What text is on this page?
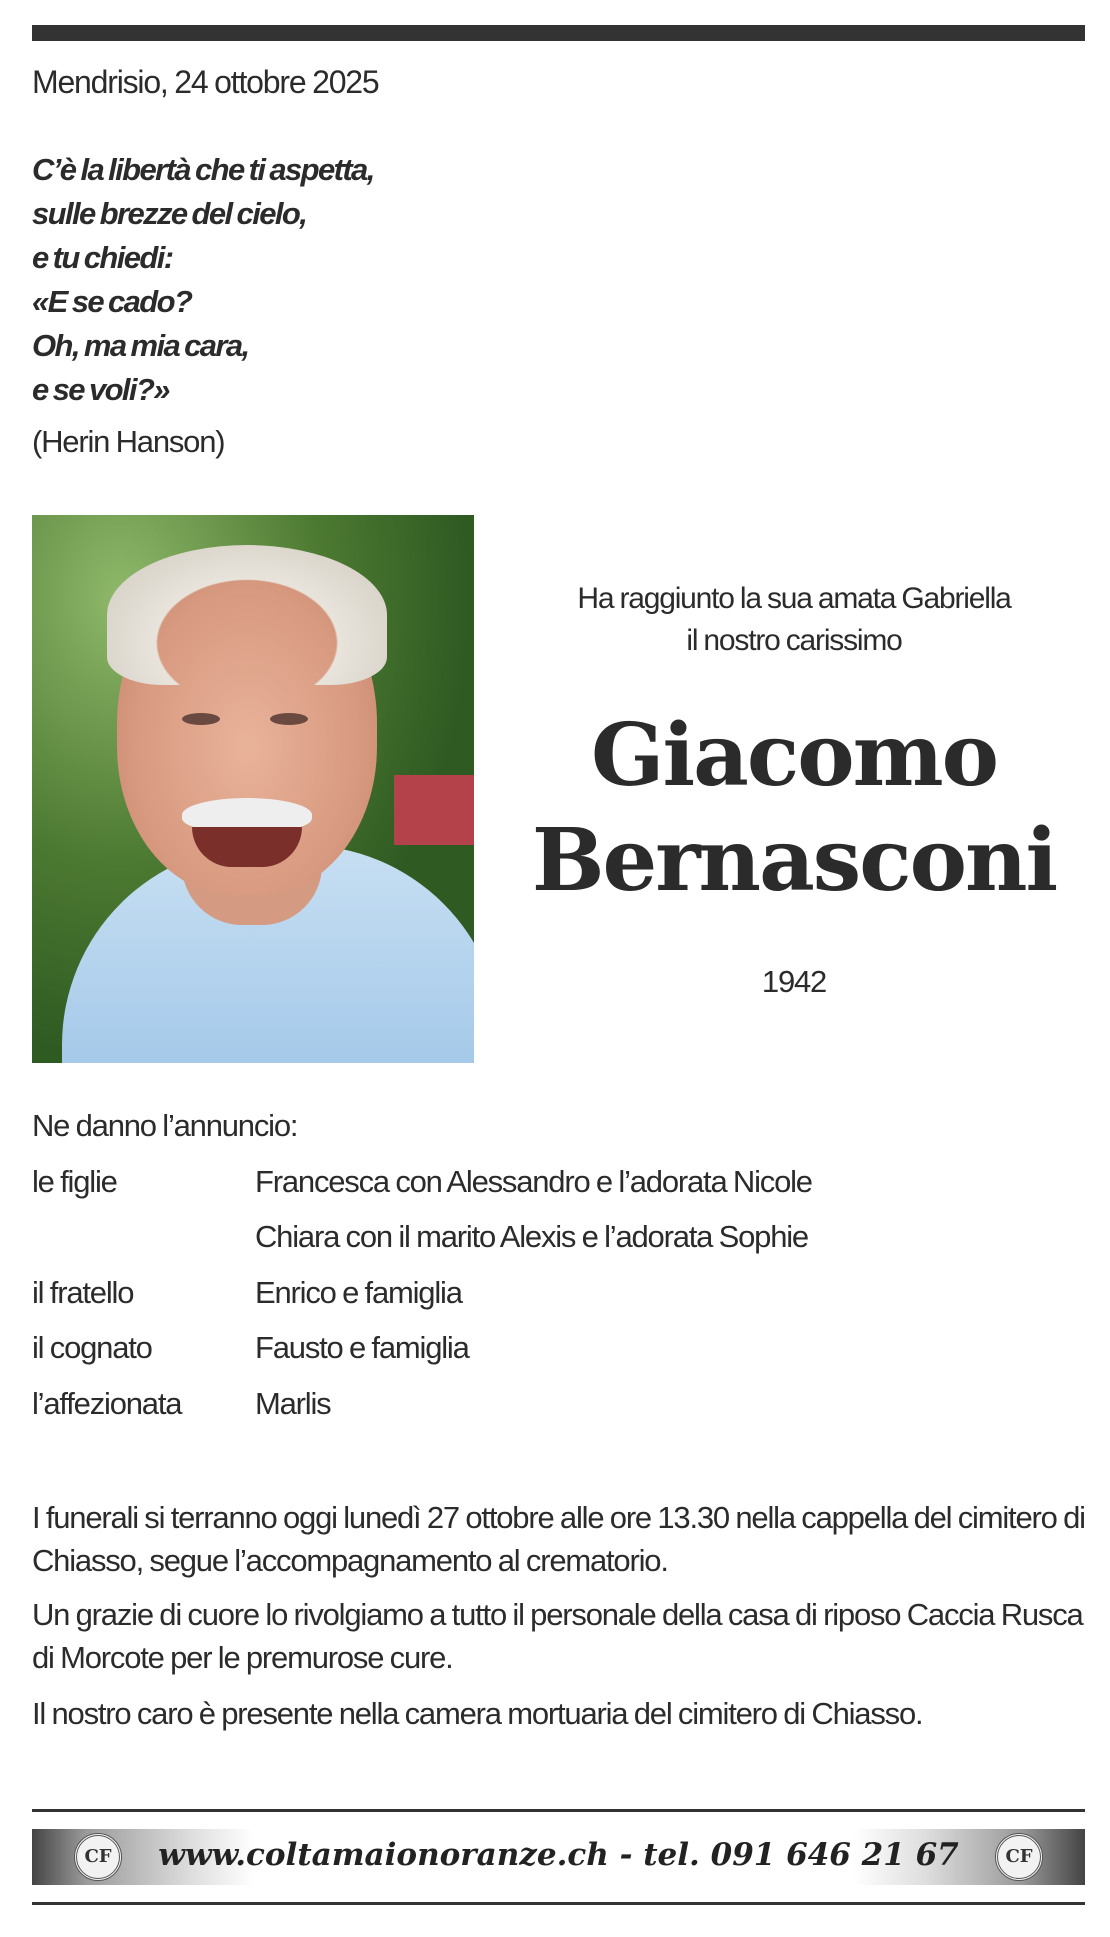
Mendrisio, 24 ottobre 2025
C’è la libertà che ti aspetta,
sulle brezze del cielo,
e tu chiedi:
«E se cado?
Oh, ma mia cara,
e se voli?»
(Herin Hanson)
Ha raggiunto la sua amata Gabriella
il nostro carissimo
Giacomo
Bernasconi
1942
Ne danno l’annuncio:
le figlie	Francesca con Alessandro e l’adorata Nicole
Chiara con il marito Alexis e l’adorata Sophie
il fratello	Enrico e famiglia
il cognato	Fausto e famiglia
l’affezionata Marlis
I funerali si terranno oggi lunedì 27 ottobre alle ore 13.30 nella cappella del cimitero di Chiasso, segue l’accompagnamento al crematorio.
Un grazie di cuore lo rivolgiamo a tutto il personale della casa di riposo Caccia Rusca di Morcote per le premurose cure.
Il nostro caro è presente nella camera mortuaria del cimitero di Chiasso.
CF	www.coltamaionoranze.ch - tel. 091 646 21 67	CF
